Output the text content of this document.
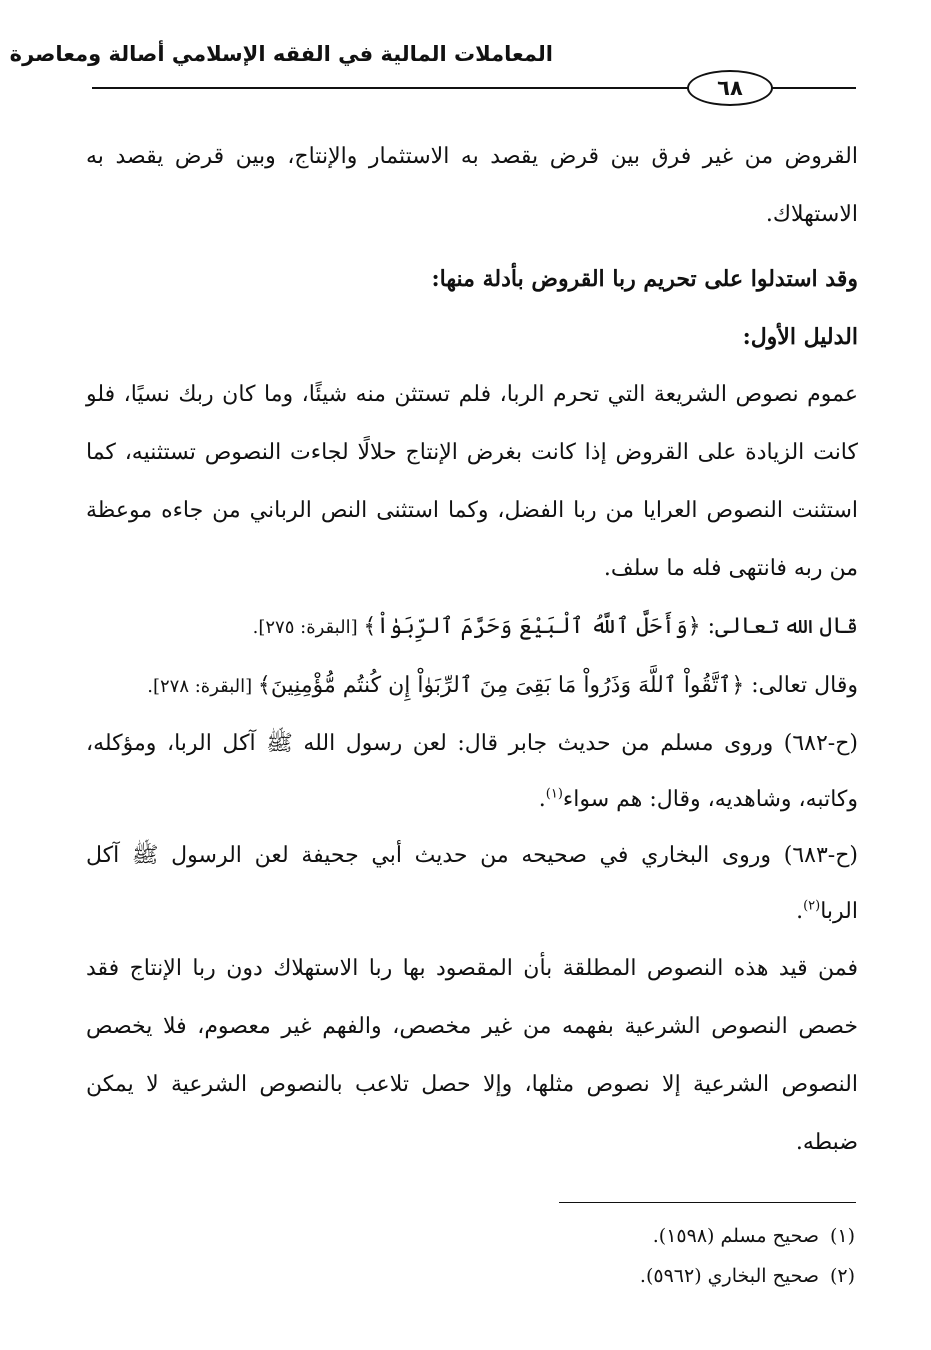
المعاملات المالية في الفقه الإسلامي أصالة ومعاصرة
٦٨

القروض من غير فرق بين قرض يقصد به الاستثمار والإنتاج، وبين قرض يقصد به الاستهلاك.

وقد استدلوا على تحريم ربا القروض بأدلة منها:

الدليل الأول:

عموم نصوص الشريعة التي تحرم الربا، فلم تستثن منه شيئًا، وما كان ربك نسيًا، فلو كانت الزيادة على القروض إذا كانت بغرض الإنتاج حلالًا لجاءت النصوص تستثنيه، كما استثنت النصوص العرايا من ربا الفضل، وكما استثنى النص الرباني من جاءه موعظة من ربه فانتهى فله ما سلف.

قال الله تعالى: ﴿وَأَحَلَّ ٱللَّهُ ٱلْبَيْعَ وَحَرَّمَ ٱلرِّبَوٰاْ﴾ [البقرة: ٢٧٥].

وقال تعالى: ﴿ٱتَّقُواْ ٱللَّهَ وَذَرُواْ مَا بَقِىَ مِنَ ٱلرِّبَوٰاْ إِن كُنتُم مُّؤْمِنِينَ﴾ [البقرة: ٢٧٨].

(ح-٦٨٢) وروى مسلم من حديث جابر قال: لعن رسول الله ﷺ آكل الربا، ومؤكله، وكاتبه، وشاهديه، وقال: هم سواء$^{(١)}$.

(ح-٦٨٣) وروى البخاري في صحيحه من حديث أبي جحيفة لعن الرسول ﷺ آكل الربا$^{(٢)}$.

فمن قيد هذه النصوص المطلقة بأن المقصود بها ربا الاستهلاك دون ربا الإنتاج فقد خصص النصوص الشرعية بفهمه من غير مخصص، والفهم غير معصوم، فلا يخصص النصوص الشرعية إلا نصوص مثلها، وإلا حصل تلاعب بالنصوص الشرعية لا يمكن ضبطه.

(١)صحيح مسلم (١٥٩٨).
(٢)صحيح البخاري (٥٩٦٢).
